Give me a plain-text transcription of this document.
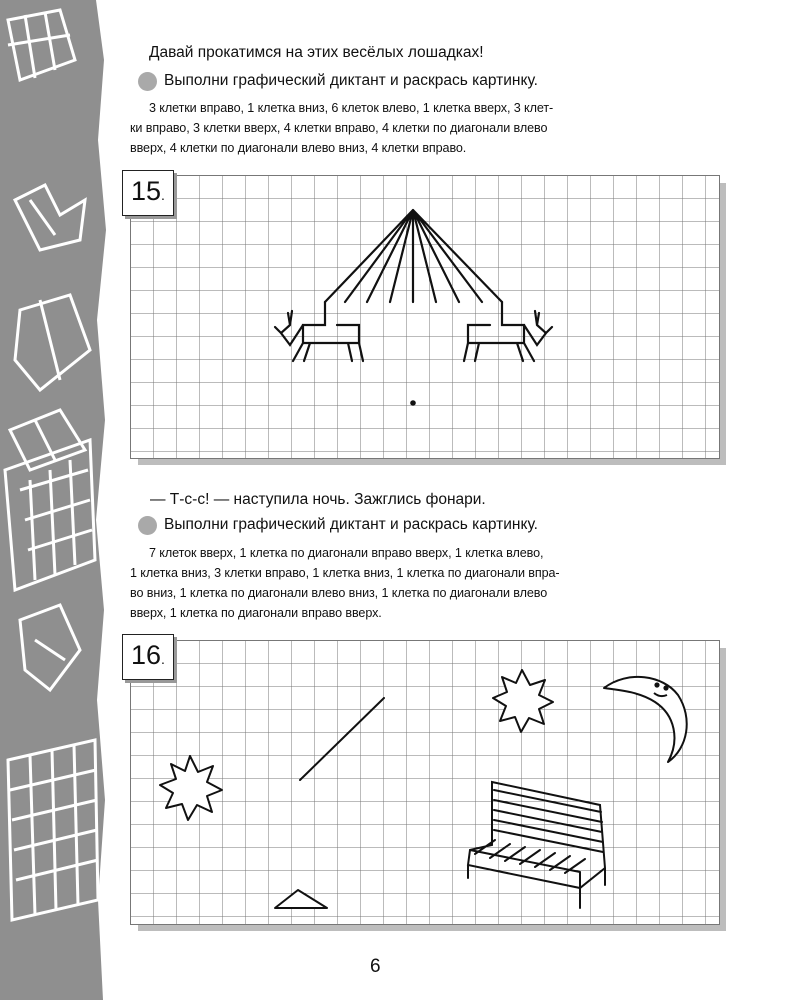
Давай прокатимся на этих весёлых лошадках!
Выполни графический диктант и раскрась картинку.
3 клетки вправо, 1 клетка вниз, 6 клеток влево, 1 клетка вверх, 3 клет-
ки вправо, 3 клетки вверх, 4 клетки вправо, 4 клетки по диагонали влево
вверх, 4 клетки по диагонали влево вниз, 4 клетки вправо.
15.
— Т-с-с! — наступила ночь. Зажглись фонари.
Выполни графический диктант и раскрась картинку.
7 клеток вверх, 1 клетка по диагонали вправо вверх, 1 клетка влево,
1 клетка вниз, 3 клетки вправо, 1 клетка вниз, 1 клетка по диагонали впра-
во вниз, 1 клетка по диагонали влево вниз, 1 клетка по диагонали влево
вверх, 1 клетка по диагонали вправо вверх.
16.
6
